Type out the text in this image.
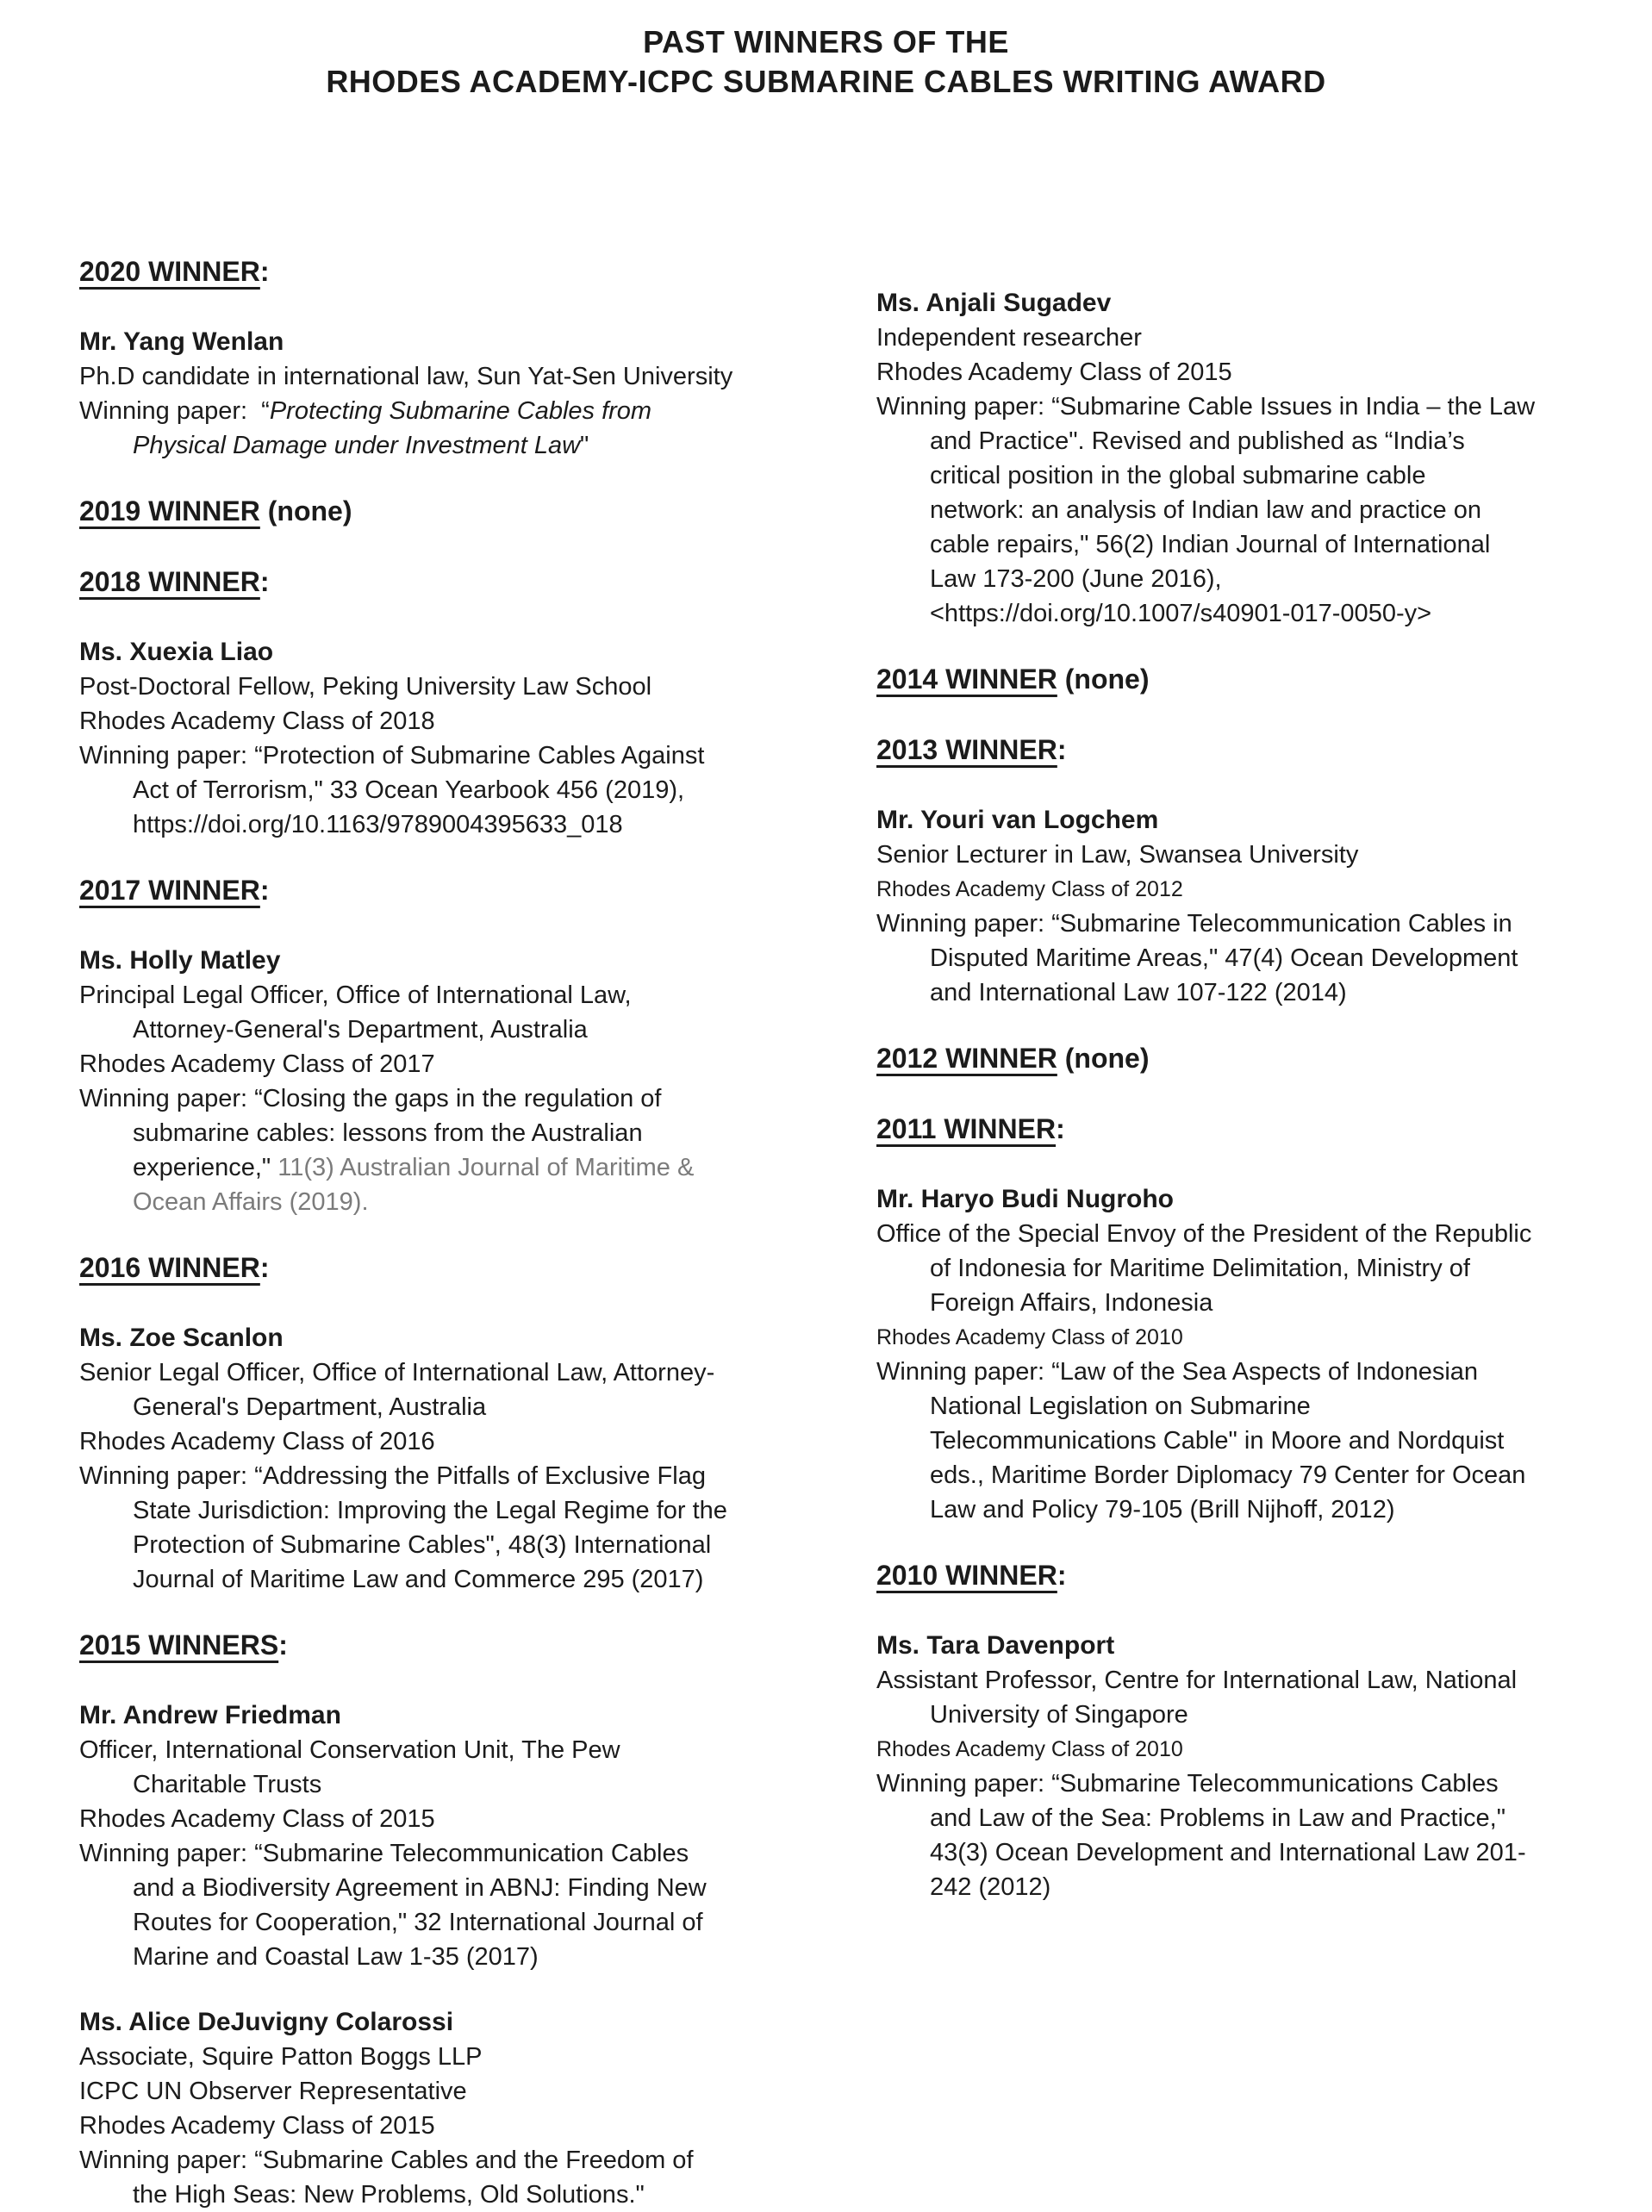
PAST WINNERS OF THE
RHODES ACADEMY-ICPC SUBMARINE CABLES WRITING AWARD
2020 WINNER:

Mr. Yang Wenlan

Ph.D candidate in international law, Sun Yat-Sen University

Winning paper:  “Protecting Submarine Cables from

Physical Damage under Investment Law"

2019 WINNER (none)
2018 WINNER:

Ms. Xuexia Liao

Post-Doctoral Fellow, Peking University Law School

Rhodes Academy Class of 2018

Winning paper: “Protection of Submarine Cables Against

Act of Terrorism," 33 Ocean Yearbook 456 (2019),

https://doi.org/10.1163/9789004395633_018

2017 WINNER:

Ms. Holly Matley

Principal Legal Officer, Office of International Law,

Attorney-General's Department, Australia

Rhodes Academy Class of 2017

Winning paper: “Closing the gaps in the regulation of

submarine cables: lessons from the Australian

experience," 11(3) Australian Journal of Maritime &

Ocean Affairs (2019).

2016 WINNER:

Ms. Zoe Scanlon

Senior Legal Officer, Office of International Law, Attorney-

General's Department, Australia

Rhodes Academy Class of 2016

Winning paper: “Addressing the Pitfalls of Exclusive Flag

State Jurisdiction: Improving the Legal Regime for the

Protection of Submarine Cables", 48(3) International

Journal of Maritime Law and Commerce 295 (2017)

2015 WINNERS:

Mr. Andrew Friedman

Officer, International Conservation Unit, The Pew

Charitable Trusts

Rhodes Academy Class of 2015

Winning paper: “Submarine Telecommunication Cables

and a Biodiversity Agreement in ABNJ: Finding New

Routes for Cooperation," 32 International Journal of

Marine and Coastal Law 1-35 (2017)

Ms. Alice DeJuvigny Colarossi

Associate, Squire Patton Boggs LLP

ICPC UN Observer Representative

Rhodes Academy Class of 2015

Winning paper: “Submarine Cables and the Freedom of

the High Seas: New Problems, Old Solutions."

Ms. Anjali Sugadev

Independent researcher

Rhodes Academy Class of 2015

Winning paper: “Submarine Cable Issues in India – the Law

and Practice". Revised and published as “India’s

critical position in the global submarine cable

network: an analysis of Indian law and practice on

cable repairs," 56(2) Indian Journal of International

Law 173-200 (June 2016),

<https://doi.org/10.1007/s40901-017-0050-y>

2014 WINNER (none)
2013 WINNER:

Mr. Youri van Logchem

Senior Lecturer in Law, Swansea University

Rhodes Academy Class of 2012

Winning paper: “Submarine Telecommunication Cables in

Disputed Maritime Areas," 47(4) Ocean Development

and International Law 107-122 (2014)

2012 WINNER (none)
2011 WINNER:

Mr. Haryo Budi Nugroho

Office of the Special Envoy of the President of the Republic

of Indonesia for Maritime Delimitation, Ministry of

Foreign Affairs, Indonesia

Rhodes Academy Class of 2010

Winning paper: “Law of the Sea Aspects of Indonesian

National Legislation on Submarine

Telecommunications Cable" in Moore and Nordquist

eds., Maritime Border Diplomacy 79 Center for Ocean

Law and Policy 79-105 (Brill Nijhoff, 2012)

2010 WINNER:

Ms. Tara Davenport

Assistant Professor, Centre for International Law, National

University of Singapore

Rhodes Academy Class of 2010

Winning paper: “Submarine Telecommunications Cables

and Law of the Sea: Problems in Law and Practice,"

43(3) Ocean Development and International Law 201-

242 (2012)
